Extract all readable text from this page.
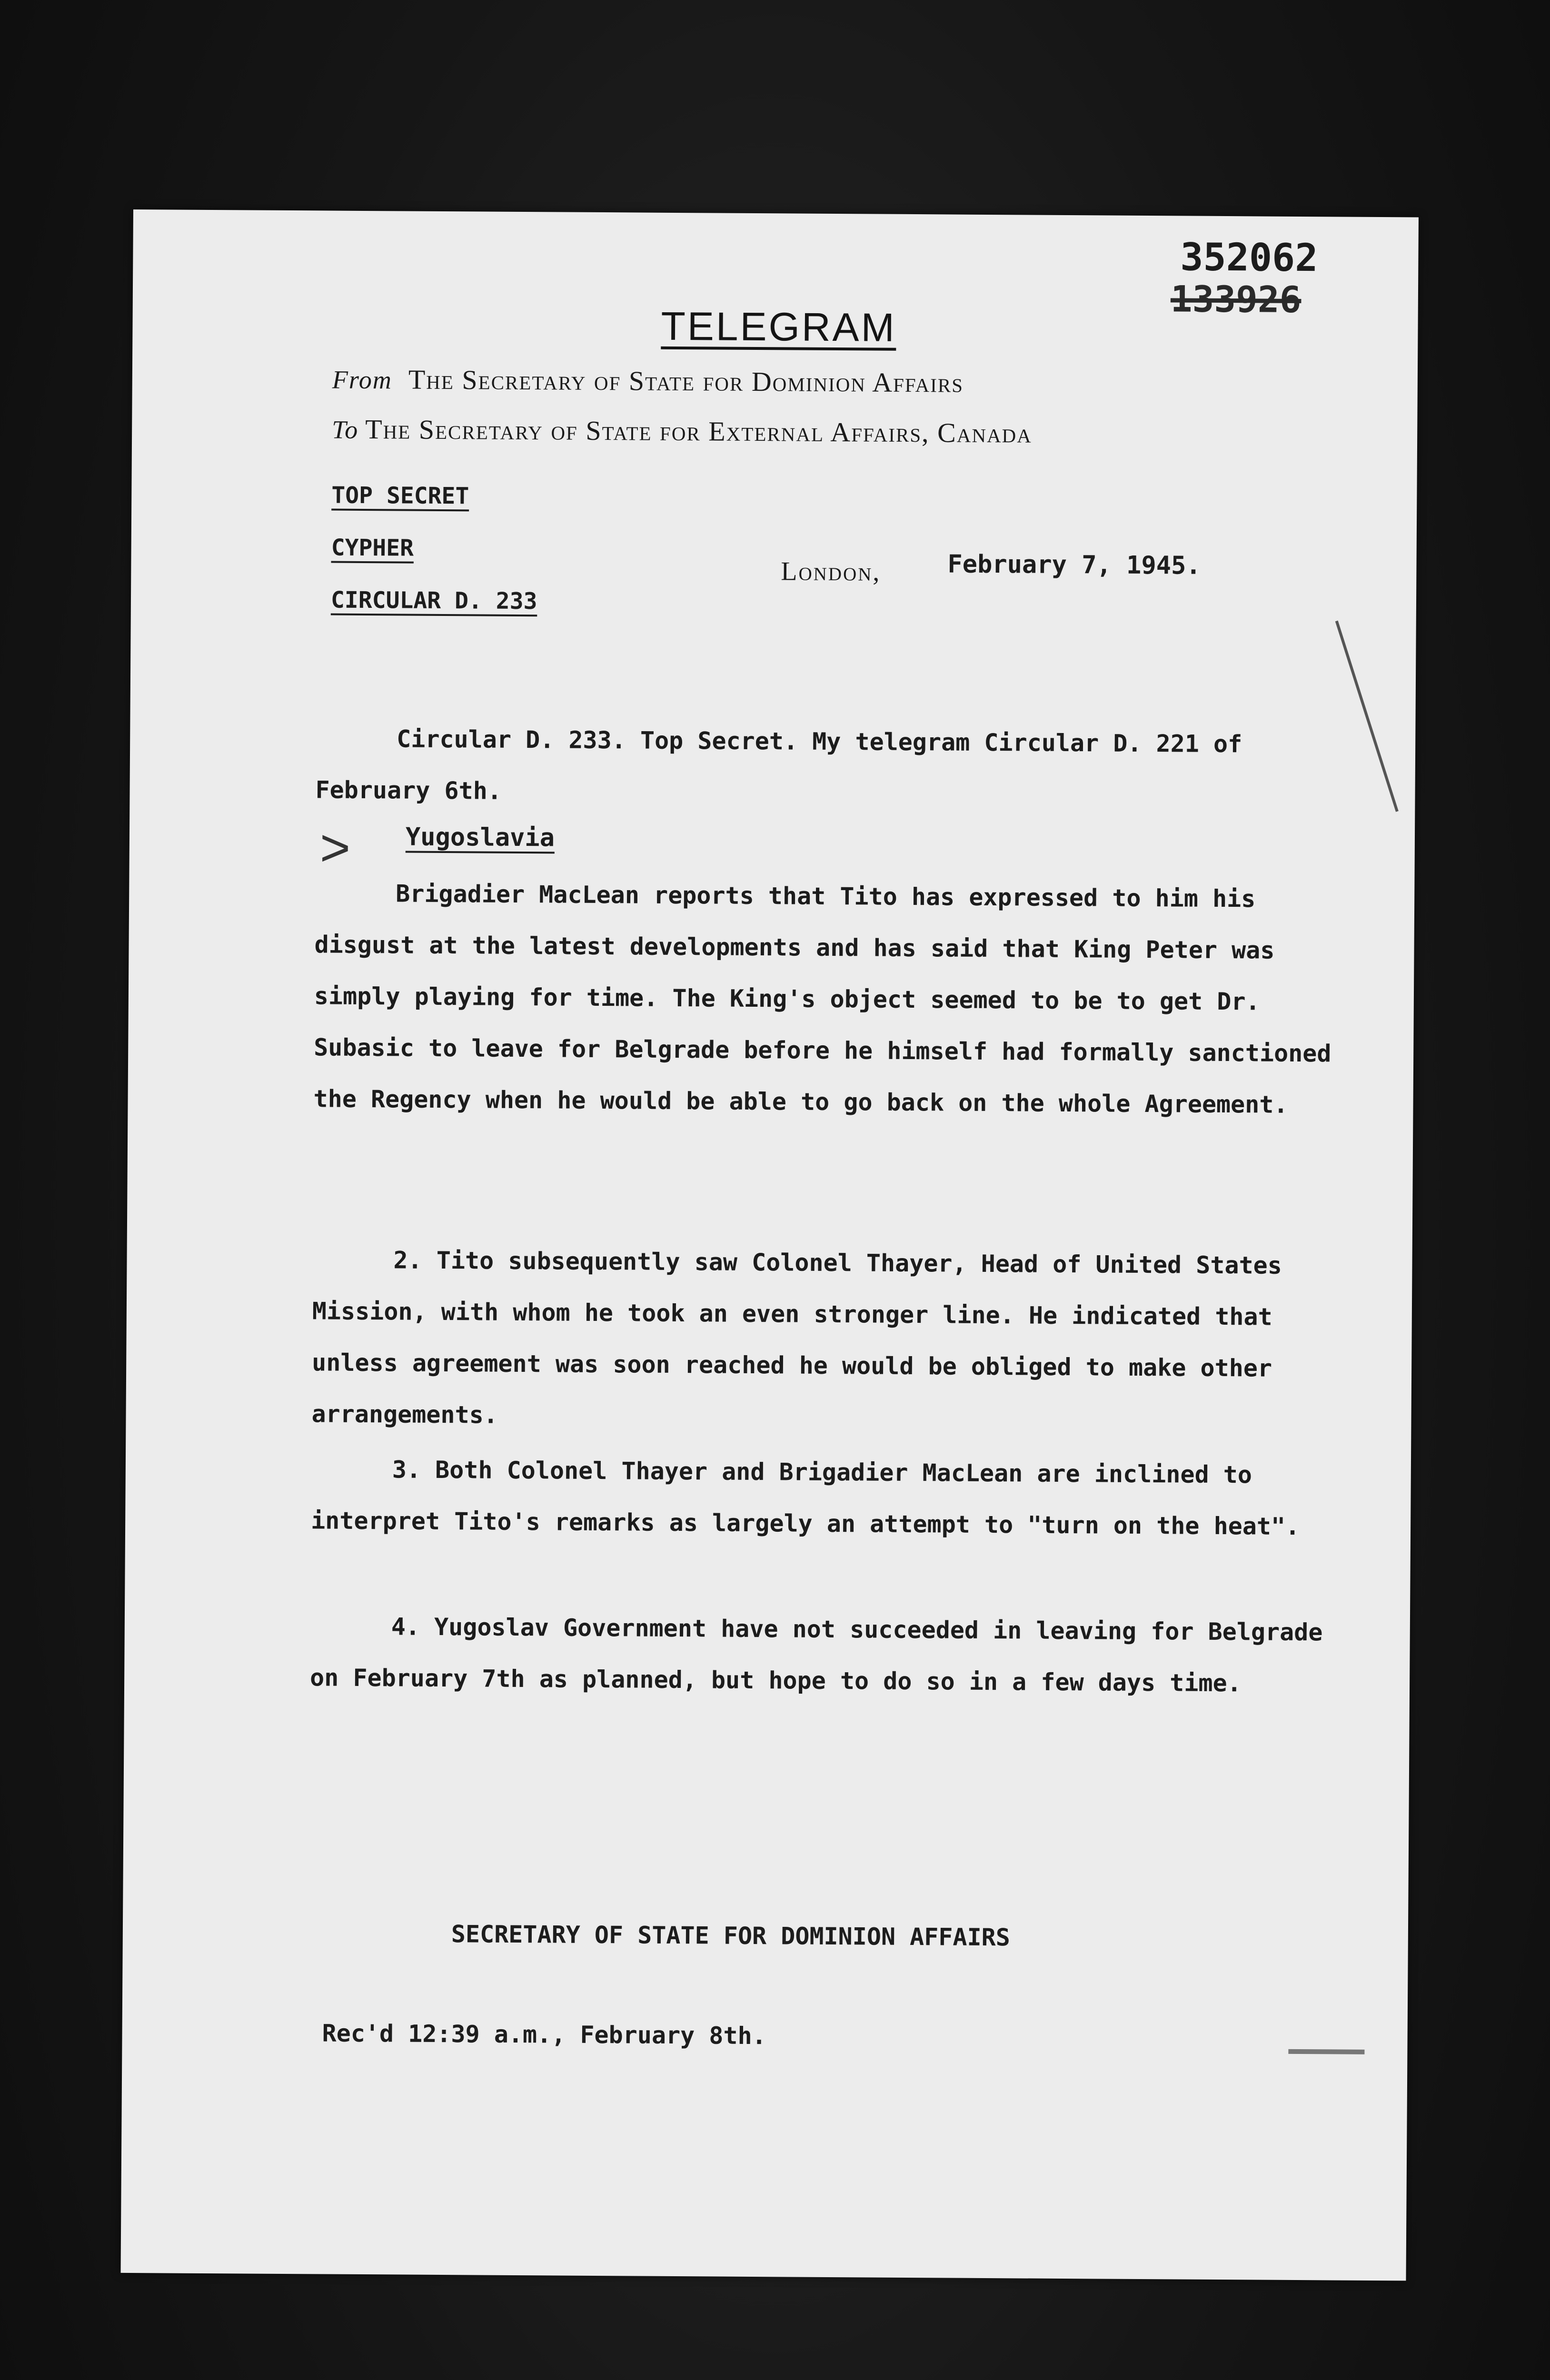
352062
133926
TELEGRAM
From The Secretary of State for Dominion Affairs
To The Secretary of State for External Affairs, Canada
TOP SECRET
CYPHER
CIRCULAR D. 233
London,	February 7, 1945.

Circular D. 233. Top Secret. My telegram Circular D. 221 of February 6th.

> Yugoslavia

Brigadier MacLean reports that Tito has expressed to him his disgust at the latest developments and has said that King Peter was simply playing for time. The King's object seemed to be to get Dr. Subasic to leave for Belgrade before he himself had formally sanctioned the Regency when he would be able to go back on the whole Agreement.

2. Tito subsequently saw Colonel Thayer, Head of United States Mission, with whom he took an even stronger line. He indicated that unless agreement was soon reached he would be obliged to make other arrangements.

3. Both Colonel Thayer and Brigadier MacLean are inclined to interpret Tito's remarks as largely an attempt to "turn on the heat".

4. Yugoslav Government have not succeeded in leaving for Belgrade on February 7th as planned, but hope to do so in a few days time.

SECRETARY OF STATE FOR DOMINION AFFAIRS
Rec'd 12:39 a.m., February 8th.
